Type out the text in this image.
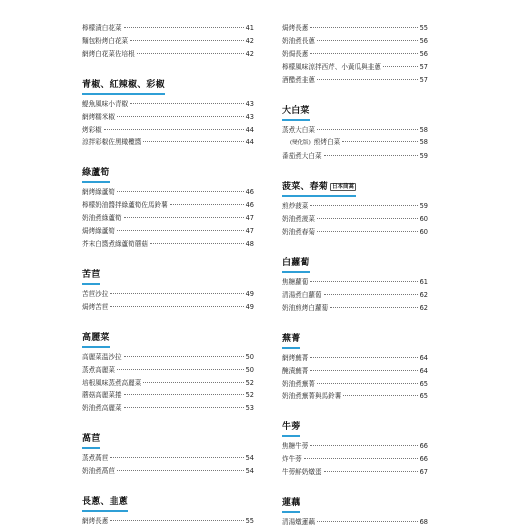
檸檬漬白花菜	41
麵包粉烤白花菜	42
網烤白花菜佐培根	42
青椒、紅辣椒、彩椒
鯷魚風味小青椒	43
網烤糯米椒	43
烤彩椒	44
涼拌彩椒佐黑橄欖醬	44
綠蘆筍
網烤綠蘆筍	46
檸檬奶油醬拌綠蘆筍佐馬鈴薯	46
奶油煮綠蘆筍	47
焗烤綠蘆筍	47
芥末白醬煮綠蘆筍蘑菇	48
苦苣
苦苣沙拉	49
焗烤苦苣	49
高麗菜
高麗菜温沙拉	50
蒸煮高麗菜	50
培根風味蒸煮高麗菜	52
蘑菇高麗菜捲	52
奶油煮高麗菜	53
萵苣
蒸煮萵苣	54
奶油煮萵苣	54
長蔥、韭蔥
網烤長蔥	55
焗烤長蔥	55
奶油煮長蔥	56
奶焗長蔥	56
檸檬風味涼拌西芹、小黃瓜與韭蔥	57
酒醋煮韭蔥	57
大白菜
蒸煮大白菜	58
(變化版) 煎烤白菜	58
番茄煮大白菜	59
菠菜、春菊 日本茼蒿
煎炒菠菜	59
奶油煮菠菜	60
奶油煮春菊	60
白蘿蔔
焦糖蘿蔔	61
清湯煮白蘿蔔	62
奶油煎烤白蘿蔔	62
蕪菁
網烤蕪菁	64
醃漬蕪菁	64
奶油煮蕪菁	65
奶油煮蕪菁與馬鈴薯	65
牛蒡
焦糖牛蒡	66
炸牛蒡	66
牛蒡鮮奶燉蛋	67
蓮藕
清湯燉蓮藕	68
